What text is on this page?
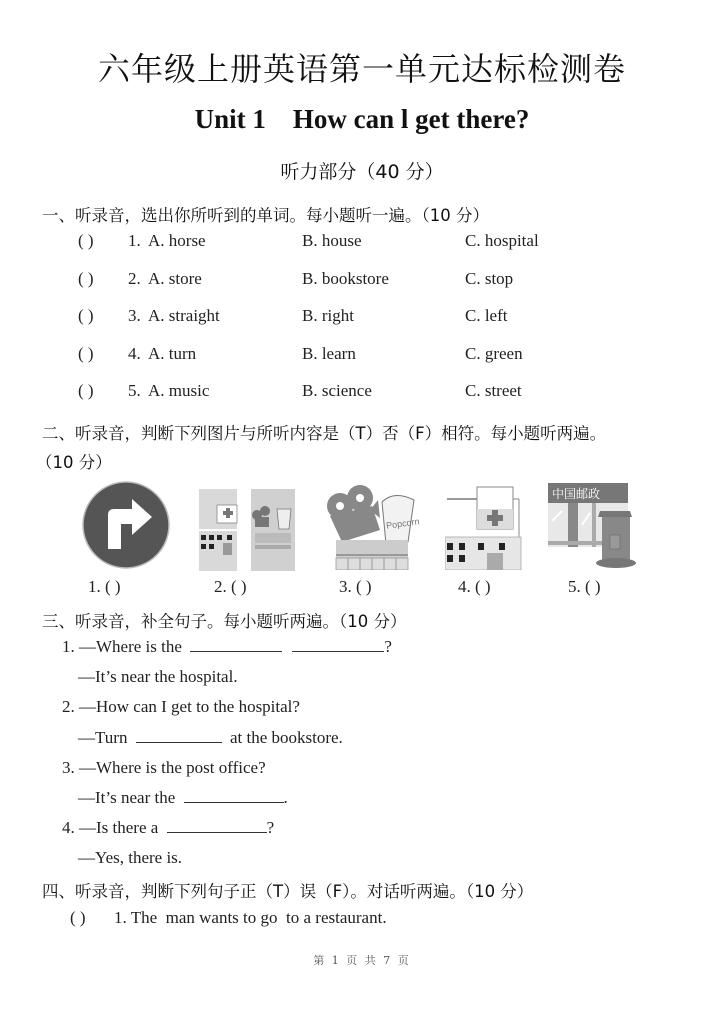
六年级上册英语第一单元达标检测卷
Unit 1    How can l get there?
听力部分（40 分）
一、听录音，选出你所听到的单词。每小题听一遍。（10 分）
( ) 1. A. horse	B. house	C. hospital
( ) 2. A. store	B. bookstore	C. stop
( ) 3. A. straight	B. right	C. left
( ) 4. A. turn	B. learn	C. green
( ) 5. A. music	B. science	C. street
二、听录音，判断下列图片与所听内容是（T）否（F）相符。每小题听两遍。
（10 分）
1. ( )	2. ( )
Popcorn
3. ( )	4. ( )
中国邮政
5. ( )
三、听录音，补全句子。每小题听两遍。（10 分）
1. —Where is the	?
—It’s near the hospital.
2. —How can I get to the hospital?
—Turn	at the bookstore.
3. —Where is the post office?
—It’s near the	.
4. —Is there a	?
—Yes, there is.
四、听录音，判断下列句子正（T）误（F）。对话听两遍。（10 分）
( ) 1. The  man wants to go  to a restaurant.
第 1 页 共 7 页
